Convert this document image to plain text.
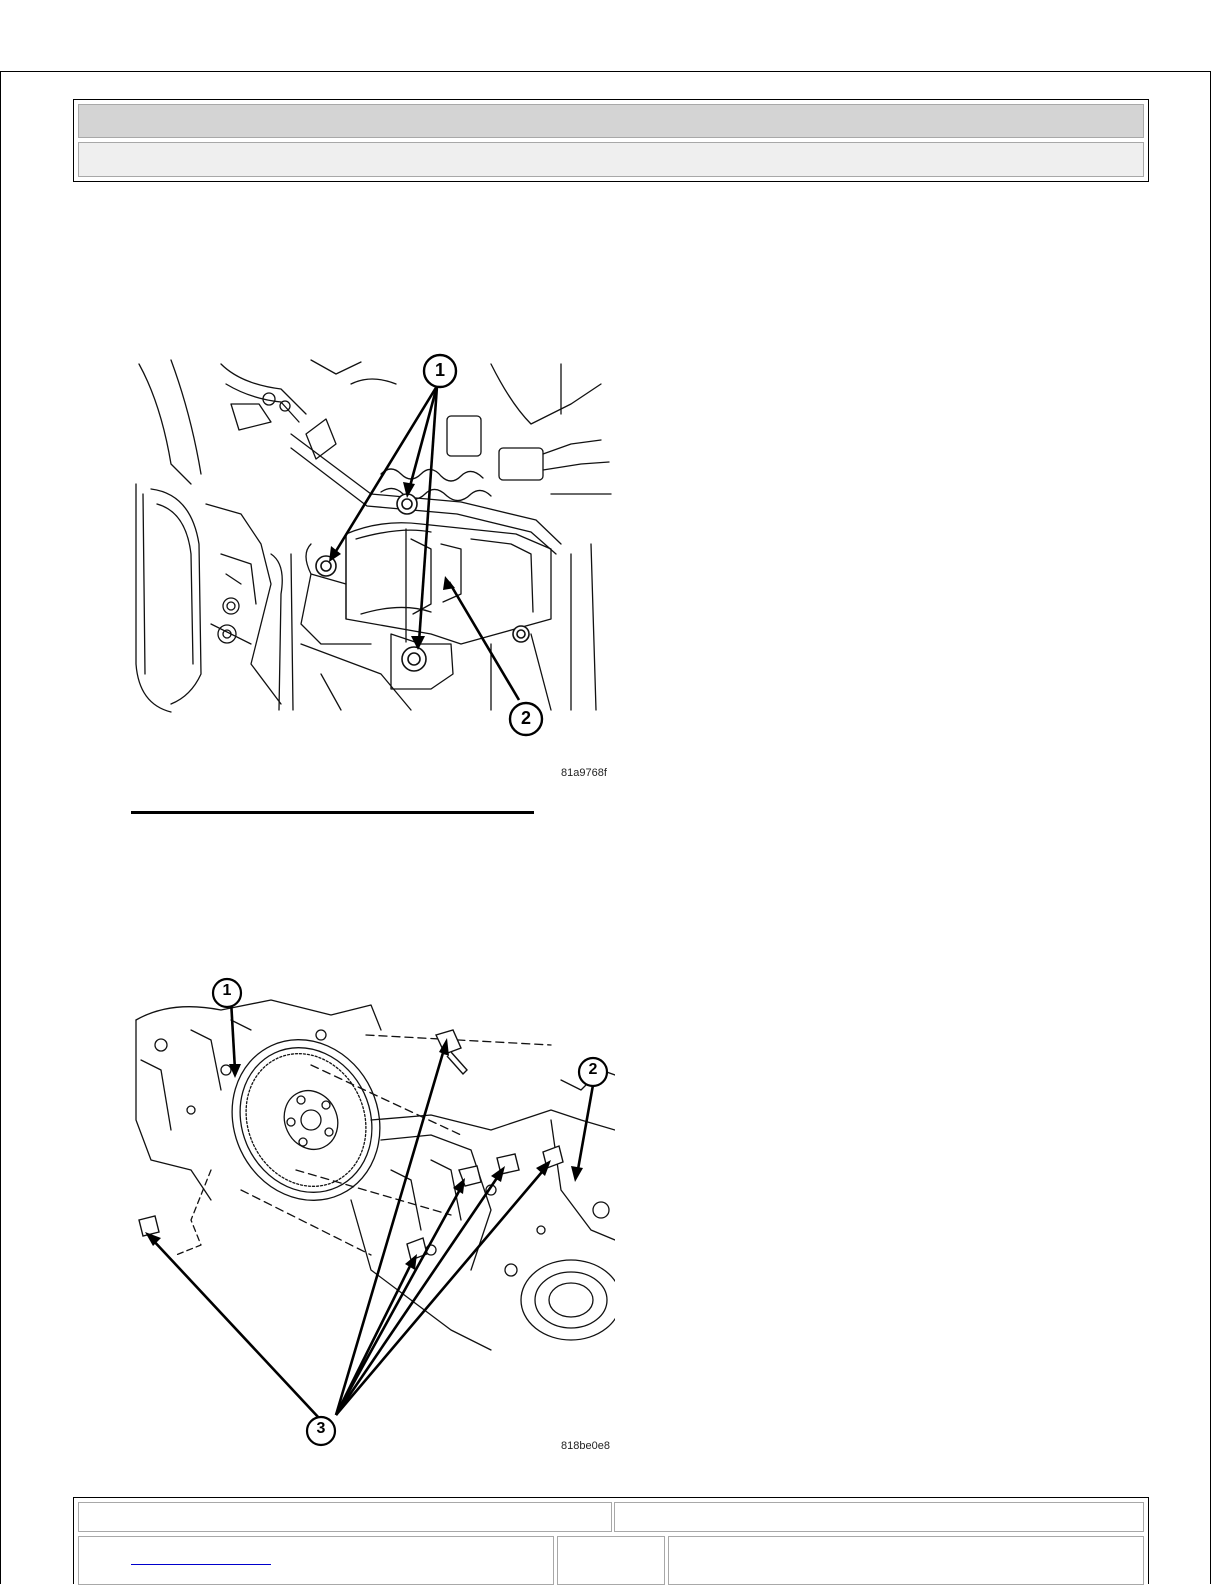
1
2
81a9768f
1
2
3
818be0e8
